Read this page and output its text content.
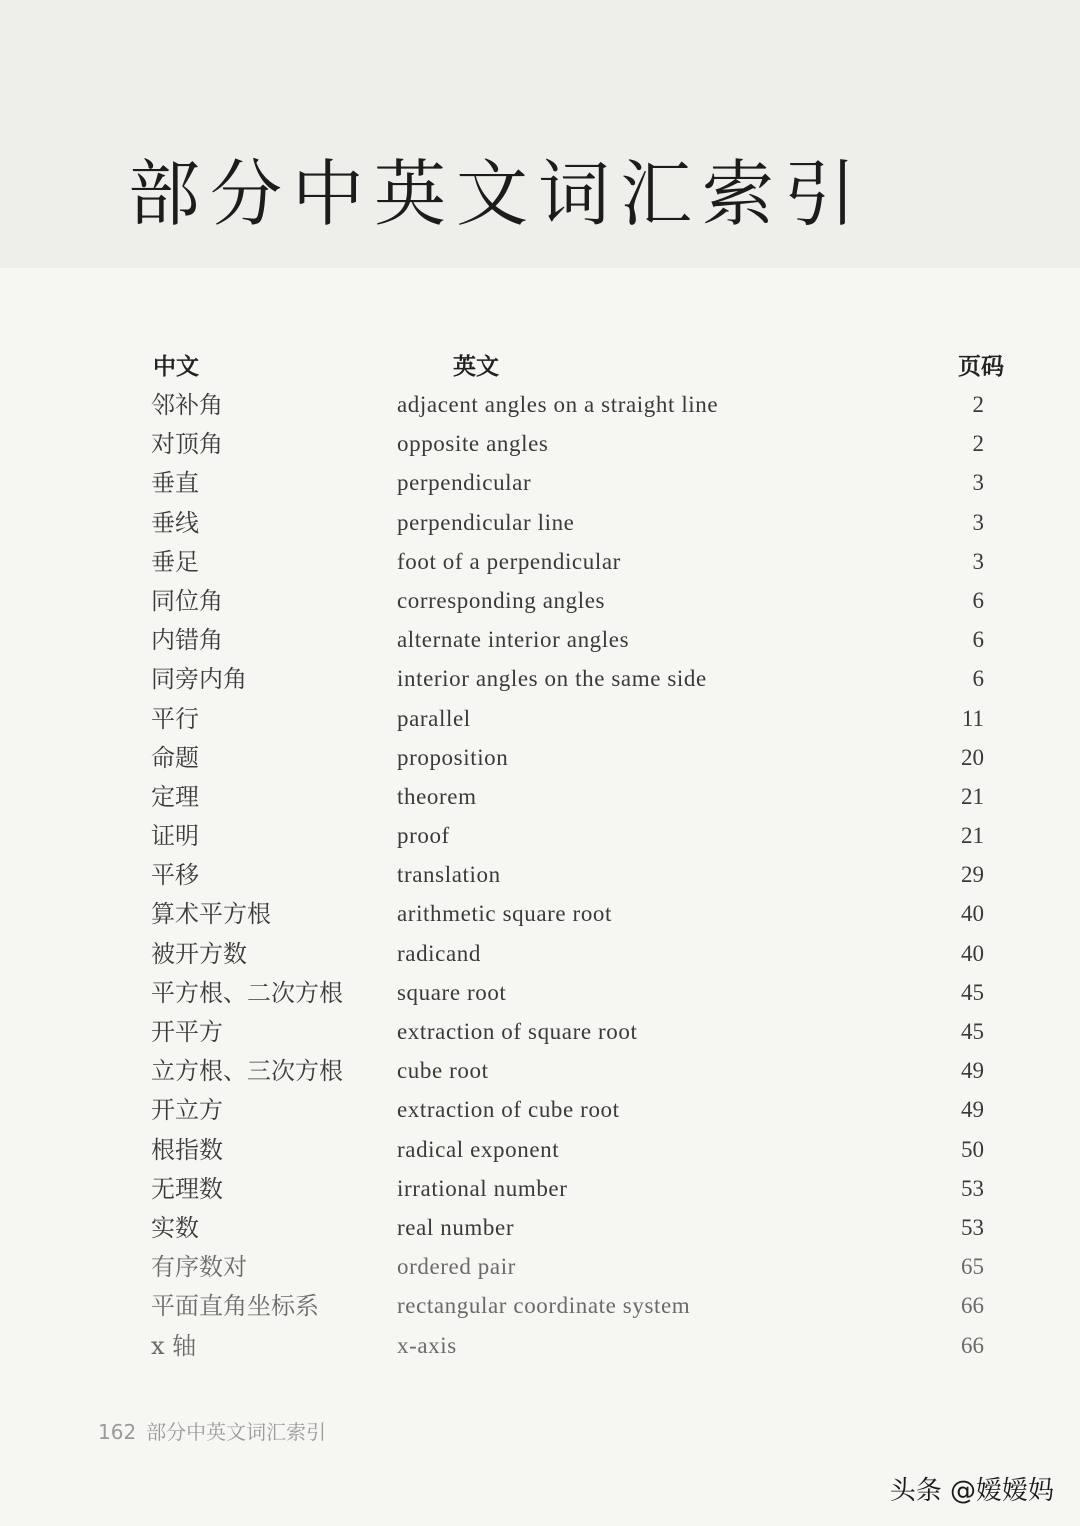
部分中英文词汇索引
中文	英文	页码
邻补角	adjacent angles on a straight line	2
对顶角	opposite angles	2
垂直	perpendicular	3
垂线	perpendicular line	3
垂足	foot of a perpendicular	3
同位角	corresponding angles	6
内错角	alternate interior angles	6
同旁内角	interior angles on the same side	6
平行	parallel	11
命题	proposition	20
定理	theorem	21
证明	proof	21
平移	translation	29
算术平方根	arithmetic square root	40
被开方数	radicand	40
平方根、二次方根 square root	45
开平方	extraction of square root	45
立方根、三次方根 cube root	49
开立方	extraction of cube root	49
根指数	radical exponent	50
无理数	irrational number	53
实数	real number	53
有序数对	ordered pair	65
平面直角坐标系	rectangular coordinate system	66
x 轴	x-axis	66
162 部分中英文词汇索引
头条 @嫒嫒妈
